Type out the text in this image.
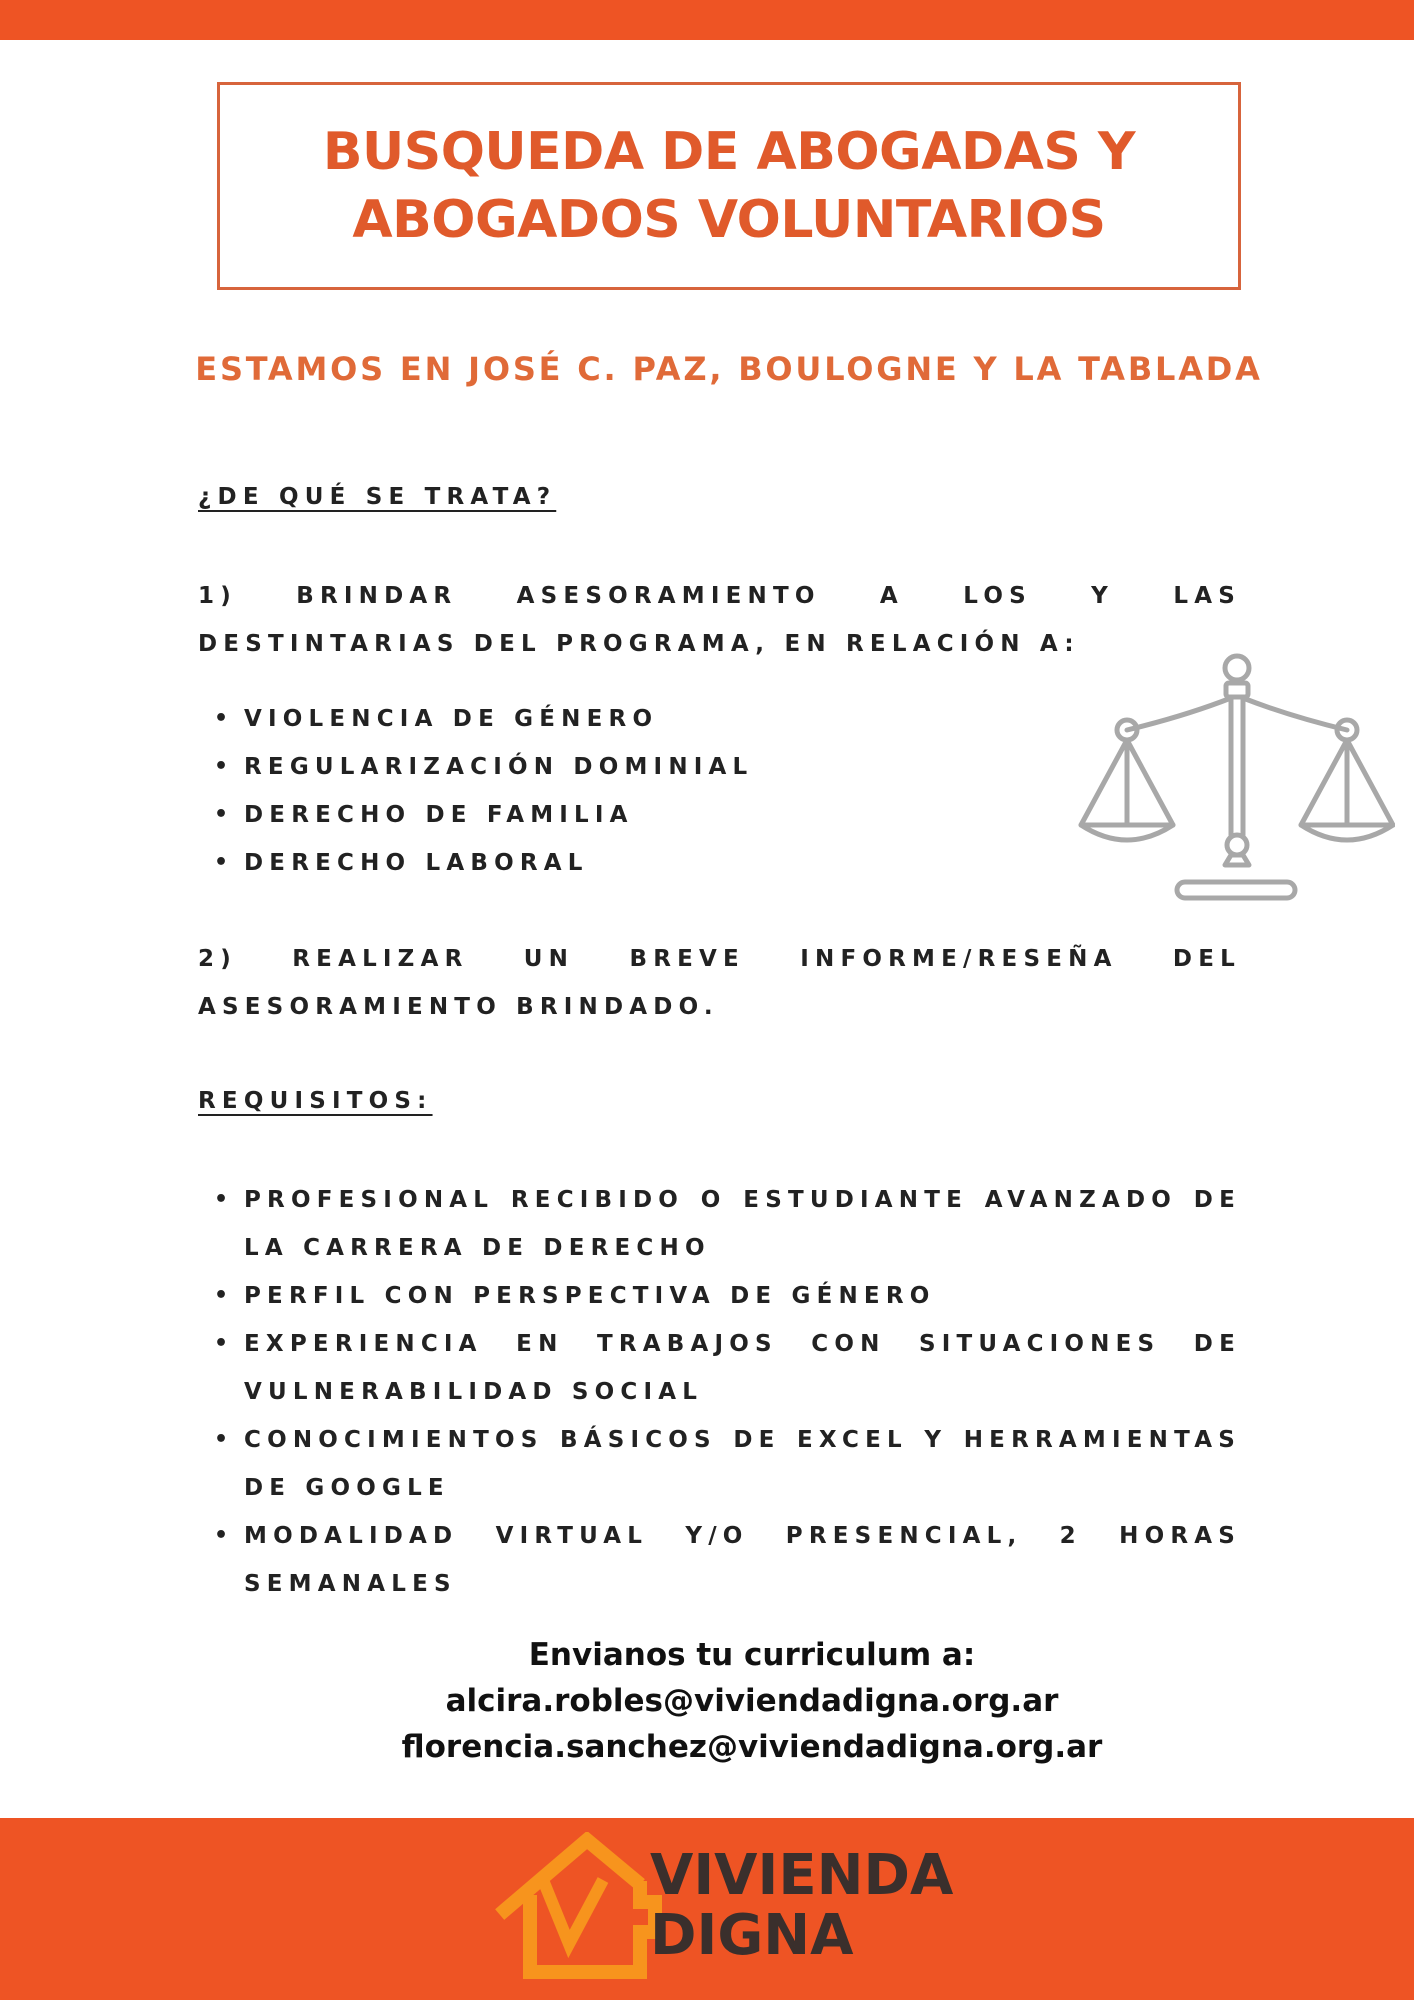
BUSQUEDA DE ABOGADAS Y
ABOGADOS VOLUNTARIOS
ESTAMOS EN JOSÉ C. PAZ, BOULOGNE Y LA TABLADA
¿DE QUÉ SE TRATA?
1) BRINDAR ASESORAMIENTO A LOS Y LAS
DESTINTARIAS DEL PROGRAMA, EN RELACIÓN A:
• VIOLENCIA DE GÉNERO
• REGULARIZACIÓN DOMINIAL
• DERECHO DE FAMILIA
• DERECHO LABORAL
2) REALIZAR UN BREVE INFORME/RESEÑA DEL
ASESORAMIENTO BRINDADO.
REQUISITOS:
• PROFESIONAL RECIBIDO O ESTUDIANTE AVANZADO DE LA CARRERA DE DERECHO
• PERFIL CON PERSPECTIVA DE GÉNERO
• EXPERIENCIA EN TRABAJOS CON SITUACIONES DE VULNERABILIDAD SOCIAL
• CONOCIMIENTOS BÁSICOS DE EXCEL Y HERRAMIENTAS DE GOOGLE
• MODALIDAD VIRTUAL Y/O PRESENCIAL, 2 HORAS SEMANALES
Envianos tu curriculum a:
alcira.robles@viviendadigna.org.ar
florencia.sanchez@viviendadigna.org.ar
VIVIENDA
DIGNA
